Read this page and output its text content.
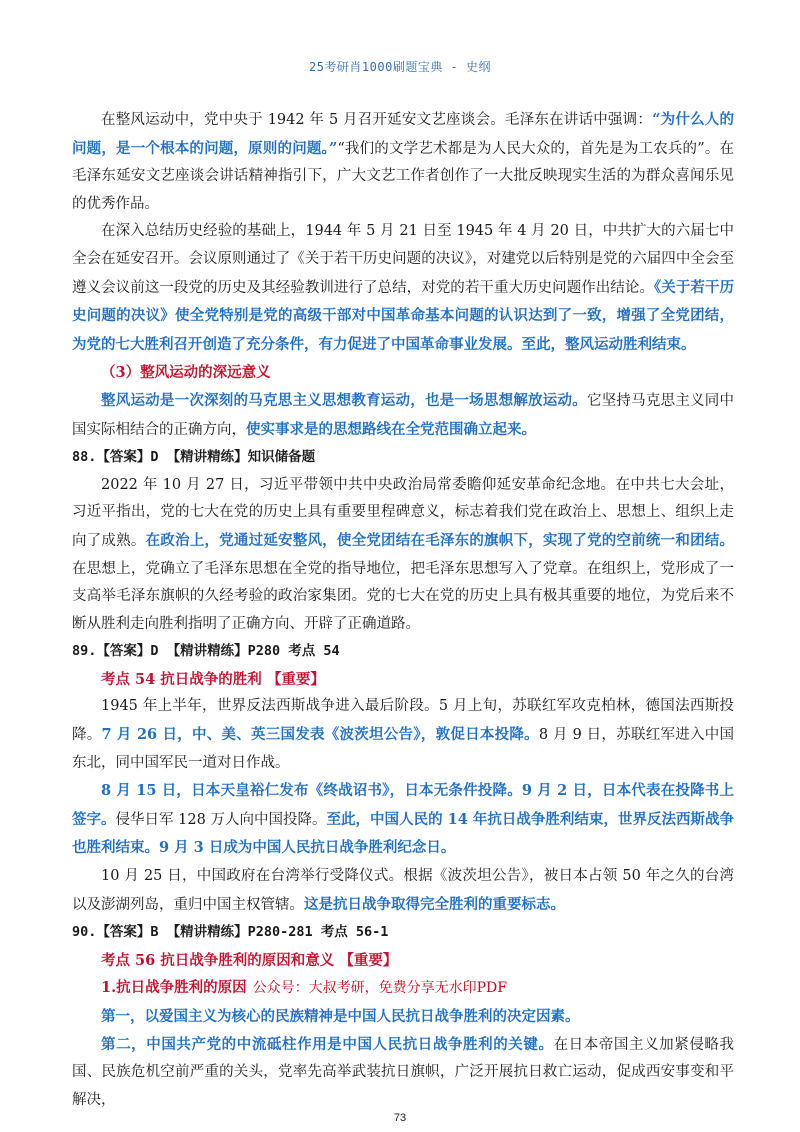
25考研肖1000刷题宝典 - 史纲

在整风运动中，党中央于 1942 年 5 月召开延安文艺座谈会。毛泽东在讲话中强调：“为什么人的问题，是一个根本的问题，原则的问题。”“我们的文学艺术都是为人民大众的，首先是为工农兵的”。在毛泽东延安文艺座谈会讲话精神指引下，广大文艺工作者创作了一大批反映现实生活的为群众喜闻乐见的优秀作品。

在深入总结历史经验的基础上，1944 年 5 月 21 日至 1945 年 4 月 20 日，中共扩大的六届七中全会在延安召开。会议原则通过了《关于若干历史问题的决议》，对建党以后特别是党的六届四中全会至遵义会议前这一段党的历史及其经验教训进行了总结，对党的若干重大历史问题作出结论。《关于若干历史问题的决议》使全党特别是党的高级干部对中国革命基本问题的认识达到了一致，增强了全党团结，为党的七大胜利召开创造了充分条件，有力促进了中国革命事业发展。至此，整风运动胜利结束。

（3）整风运动的深远意义

整风运动是一次深刻的马克思主义思想教育运动，也是一场思想解放运动。它坚持马克思主义同中国实际相结合的正确方向，使实事求是的思想路线在全党范围确立起来。

88.【答案】D 【精讲精练】知识储备题

2022 年 10 月 27 日，习近平带领中共中央政治局常委瞻仰延安革命纪念地。在中共七大会址，习近平指出，党的七大在党的历史上具有重要里程碑意义，标志着我们党在政治上、思想上、组织上走向了成熟。在政治上，党通过延安整风，使全党团结在毛泽东的旗帜下，实现了党的空前统一和团结。在思想上，党确立了毛泽东思想在全党的指导地位，把毛泽东思想写入了党章。在组织上，党形成了一支高举毛泽东旗帜的久经考验的政治家集团。党的七大在党的历史上具有极其重要的地位，为党后来不断从胜利走向胜利指明了正确方向、开辟了正确道路。

89.【答案】D 【精讲精练】P280 考点 54

考点 54 抗日战争的胜利 【重要】

1945 年上半年，世界反法西斯战争进入最后阶段。5 月上旬，苏联红军攻克柏林，德国法西斯投降。7 月 26 日，中、美、英三国发表《波茨坦公告》，敦促日本投降。8 月 9 日，苏联红军进入中国东北，同中国军民一道对日作战。

8 月 15 日，日本天皇裕仁发布《终战诏书》，日本无条件投降。9 月 2 日，日本代表在投降书上签字。侵华日军 128 万人向中国投降。至此，中国人民的 14 年抗日战争胜利结束，世界反法西斯战争也胜利结束。9 月 3 日成为中国人民抗日战争胜利纪念日。

10 月 25 日，中国政府在台湾举行受降仪式。根据《波茨坦公告》，被日本占领 50 年之久的台湾以及澎湖列岛，重归中国主权管辖。这是抗日战争取得完全胜利的重要标志。

90.【答案】B 【精讲精练】P280-281 考点 56-1

考点 56 抗日战争胜利的原因和意义 【重要】

1.抗日战争胜利的原因 公众号：大叔考研，免费分享无水印PDF

第一，以爱国主义为核心的民族精神是中国人民抗日战争胜利的决定因素。

第二，中国共产党的中流砥柱作用是中国人民抗日战争胜利的关键。在日本帝国主义加紧侵略我国、民族危机空前严重的关头，党率先高举武装抗日旗帜，广泛开展抗日救亡运动，促成西安事变和平解决，

73
